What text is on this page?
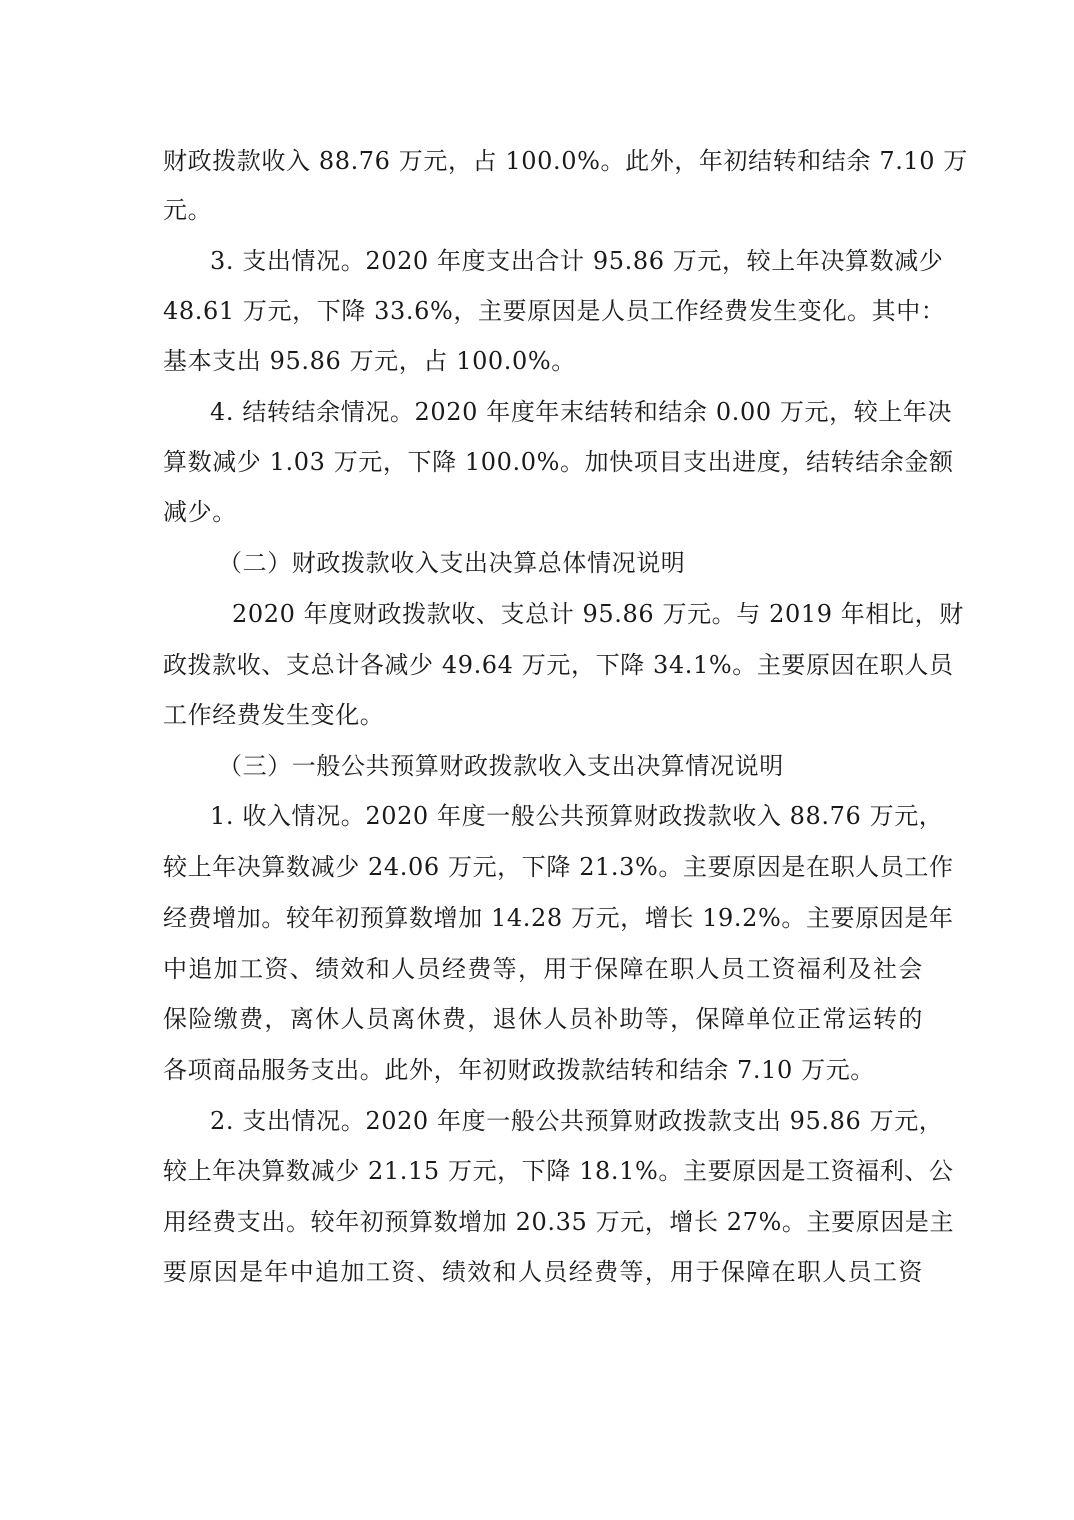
财政拨款收入 88.76 万元，占 100.0%。此外，年初结转和结余 7.10 万
元。
3. 支出情况。2020 年度支出合计 95.86 万元，较上年决算数减少
48.61 万元，下降 33.6%，主要原因是人员工作经费发生变化。其中：
基本支出 95.86 万元，占 100.0%。
4. 结转结余情况。2020 年度年末结转和结余 0.00 万元，较上年决
算数减少 1.03 万元，下降 100.0%。加快项目支出进度，结转结余金额
减少。
（二）财政拨款收入支出决算总体情况说明
2020 年度财政拨款收、支总计 95.86 万元。与 2019 年相比，财
政拨款收、支总计各减少 49.64 万元，下降 34.1%。主要原因在职人员
工作经费发生变化。
（三）一般公共预算财政拨款收入支出决算情况说明
1. 收入情况。2020 年度一般公共预算财政拨款收入 88.76 万元，
较上年决算数减少 24.06 万元，下降 21.3%。主要原因是在职人员工作
经费增加。较年初预算数增加 14.28 万元，增长 19.2%。主要原因是年
中追加工资、绩效和人员经费等，用于保障在职人员工资福利及社会
保险缴费，离休人员离休费，退休人员补助等，保障单位正常运转的
各项商品服务支出。此外，年初财政拨款结转和结余 7.10 万元。
2. 支出情况。2020 年度一般公共预算财政拨款支出 95.86 万元，
较上年决算数减少 21.15 万元，下降 18.1%。主要原因是工资福利、公
用经费支出。较年初预算数增加 20.35 万元，增长 27%。主要原因是主
要原因是年中追加工资、绩效和人员经费等，用于保障在职人员工资
